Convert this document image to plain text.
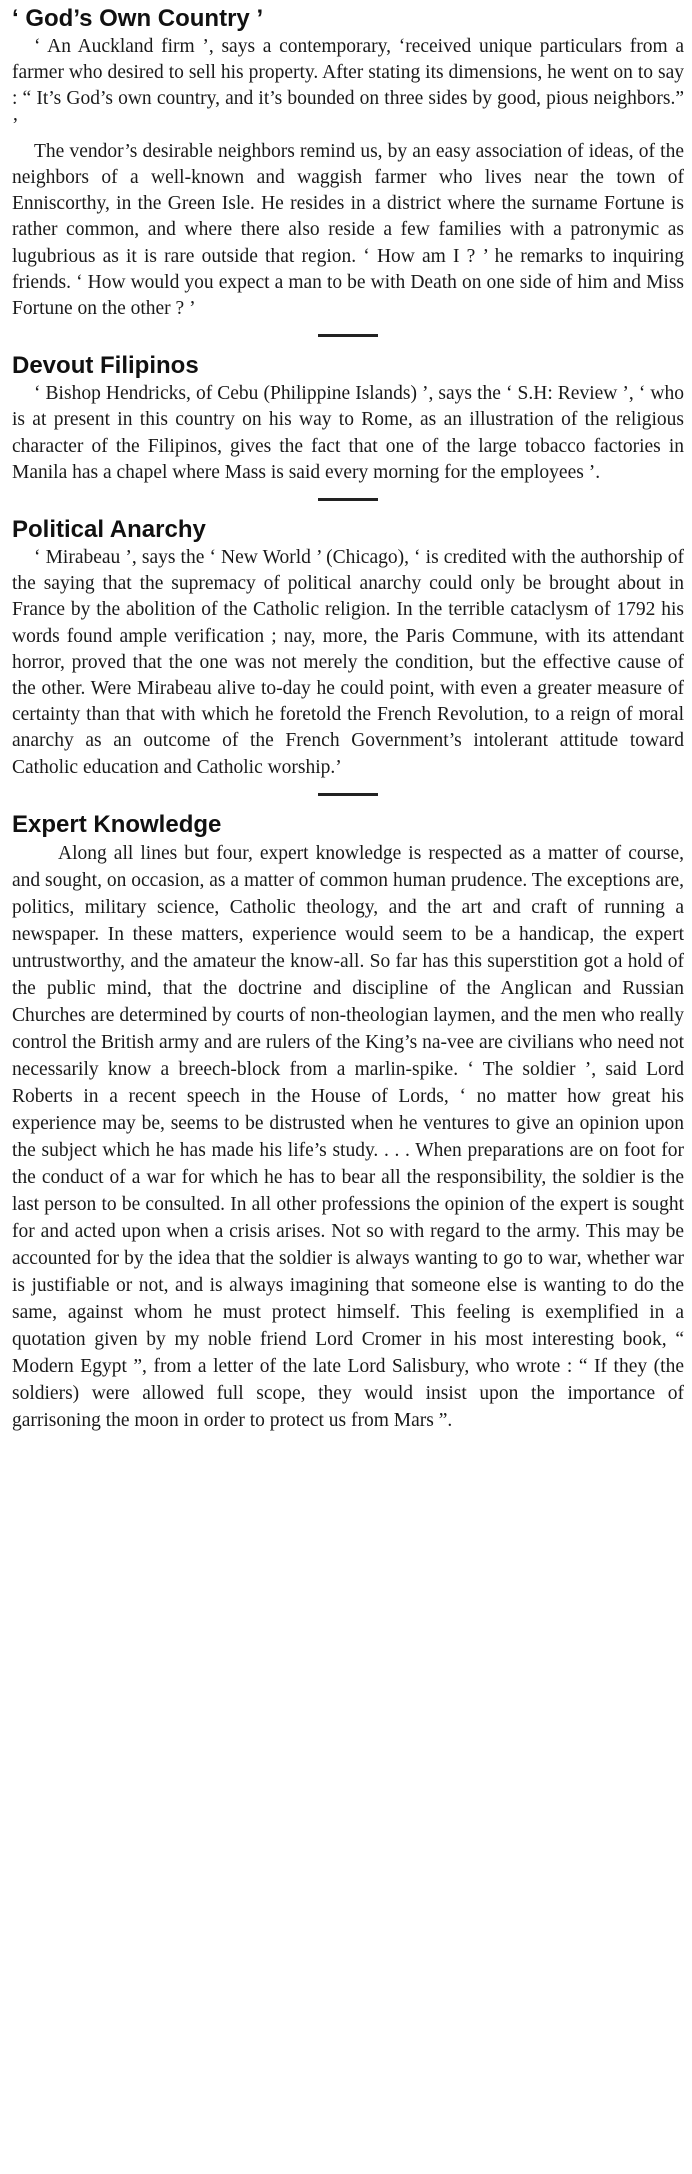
‘ God’s Own Country ’

‘ An Auckland firm ’, says a contemporary, ‘received unique particulars from a farmer who desired to sell his property. After stating its dimensions, he went on to say : “ It’s God’s own country, and it’s bounded on three sides by good, pious neighbors.” ’

The vendor’s desirable neighbors remind us, by an easy association of ideas, of the neighbors of a well-known and waggish farmer who lives near the town of Enniscorthy, in the Green Isle. He resides in a district where the surname Fortune is rather common, and where there also reside a few families with a patronymic as lugubrious as it is rare outside that region. ‘ How am I ? ’ he remarks to inquiring friends. ‘ How would you expect a man to be with Death on one side of him and Miss Fortune on the other ? ’

Devout Filipinos

‘ Bishop Hendricks, of Cebu (Philippine Islands) ’, says the ‘ S.H: Review ’, ‘ who is at present in this country on his way to Rome, as an illustration of the religious character of the Filipinos, gives the fact that one of the large tobacco factories in Manila has a chapel where Mass is said every morning for the employees ’.

Political Anarchy

‘ Mirabeau ’, says the ‘ New World ’ (Chicago), ‘ is credited with the authorship of the saying that the supremacy of political anarchy could only be brought about in France by the abolition of the Catholic religion. In the terrible cataclysm of 1792 his words found ample verification ; nay, more, the Paris Commune, with its attendant horror, proved that the one was not merely the condition, but the effective cause of the other. Were Mirabeau alive to-day he could point, with even a greater measure of certainty than that with which he foretold the French Revolution, to a reign of moral anarchy as an outcome of the French Government’s intolerant attitude toward Catholic education and Catholic worship.’

Expert Knowledge

Along all lines but four, expert knowledge is respected as a matter of course, and sought, on occasion, as a matter of common human prudence. The exceptions are, politics, military science, Catholic theology, and the art and craft of running a newspaper. In these matters, experience would seem to be a handicap, the expert untrustworthy, and the amateur the know-all. So far has this superstition got a hold of the public mind, that the doctrine and discipline of the Anglican and Russian Churches are determined by courts of non-theologian laymen, and the men who really control the British army and are rulers of the King’s na-vee are civilians who need not necessarily know a breech-block from a marlin-spike. ‘ The soldier ’, said Lord Roberts in a recent speech in the House of Lords, ‘ no matter how great his experience may be, seems to be distrusted when he ventures to give an opinion upon the subject which he has made his life’s study. . . . When preparations are on foot for the conduct of a war for which he has to bear all the responsibility, the soldier is the last person to be consulted. In all other professions the opinion of the expert is sought for and acted upon when a crisis arises. Not so with regard to the army. This may be accounted for by the idea that the soldier is always wanting to go to war, whether war is justifiable or not, and is always imagining that someone else is wanting to do the same, against whom he must protect himself. This feeling is exemplified in a quotation given by my noble friend Lord Cromer in his most interesting book, “ Modern Egypt ”, from a letter of the late Lord Salisbury, who wrote : “ If they (the soldiers) were allowed full scope, they would insist upon the importance of garrisoning the moon in order to protect us from Mars ”.
